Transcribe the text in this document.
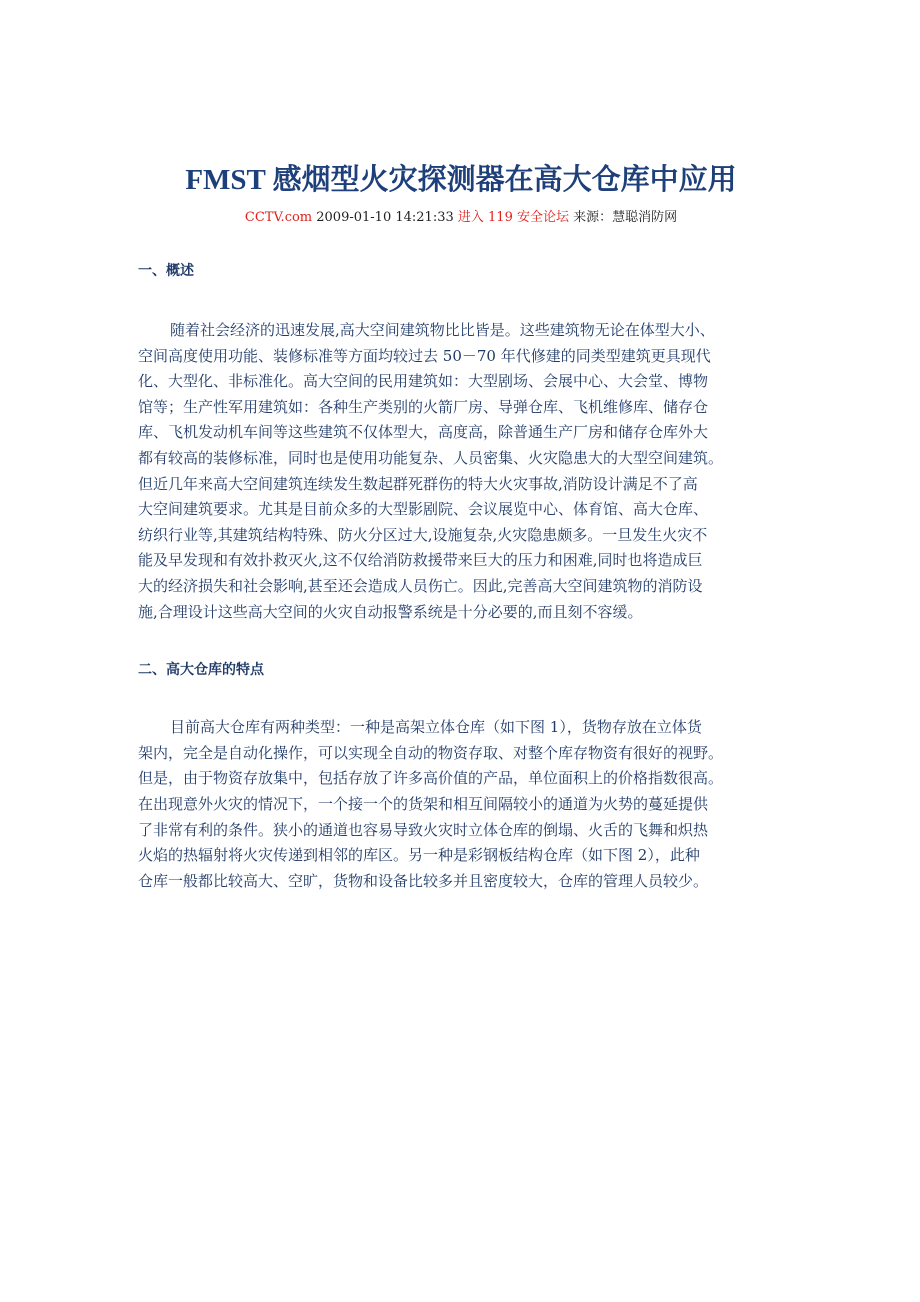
FMST 感烟型火灾探测器在高大仓库中应用
CCTV.com 2009-01-10 14:21:33 进入 119 安全论坛 来源：慧聪消防网
一、概述
随着社会经济的迅速发展,高大空间建筑物比比皆是。这些建筑物无论在体型大小、
空间高度使用功能、装修标准等方面均较过去 50－70 年代修建的同类型建筑更具现代
化、大型化、非标准化。高大空间的民用建筑如：大型剧场、会展中心、大会堂、博物
馆等；生产性军用建筑如：各种生产类别的火箭厂房、导弹仓库、飞机维修库、储存仓
库、飞机发动机车间等这些建筑不仅体型大，高度高，除普通生产厂房和储存仓库外大
都有较高的装修标准，同时也是使用功能复杂、人员密集、火灾隐患大的大型空间建筑。
但近几年来高大空间建筑连续发生数起群死群伤的特大火灾事故,消防设计满足不了高
大空间建筑要求。尤其是目前众多的大型影剧院、会议展览中心、体育馆、高大仓库、
纺织行业等,其建筑结构特殊、防火分区过大,设施复杂,火灾隐患颇多。一旦发生火灾不
能及早发现和有效扑救灭火,这不仅给消防救援带来巨大的压力和困难,同时也将造成巨
大的经济损失和社会影响,甚至还会造成人员伤亡。因此,完善高大空间建筑物的消防设
施,合理设计这些高大空间的火灾自动报警系统是十分必要的,而且刻不容缓。
二、高大仓库的特点
目前高大仓库有两种类型：一种是高架立体仓库（如下图 1），货物存放在立体货
架内，完全是自动化操作，可以实现全自动的物资存取、对整个库存物资有很好的视野。
但是，由于物资存放集中，包括存放了许多高价值的产品，单位面积上的价格指数很高。
在出现意外火灾的情况下，一个接一个的货架和相互间隔较小的通道为火势的蔓延提供
了非常有利的条件。狭小的通道也容易导致火灾时立体仓库的倒塌、火舌的飞舞和炽热
火焰的热辐射将火灾传递到相邻的库区。另一种是彩钢板结构仓库（如下图 2），此种
仓库一般都比较高大、空旷，货物和设备比较多并且密度较大，仓库的管理人员较少。
